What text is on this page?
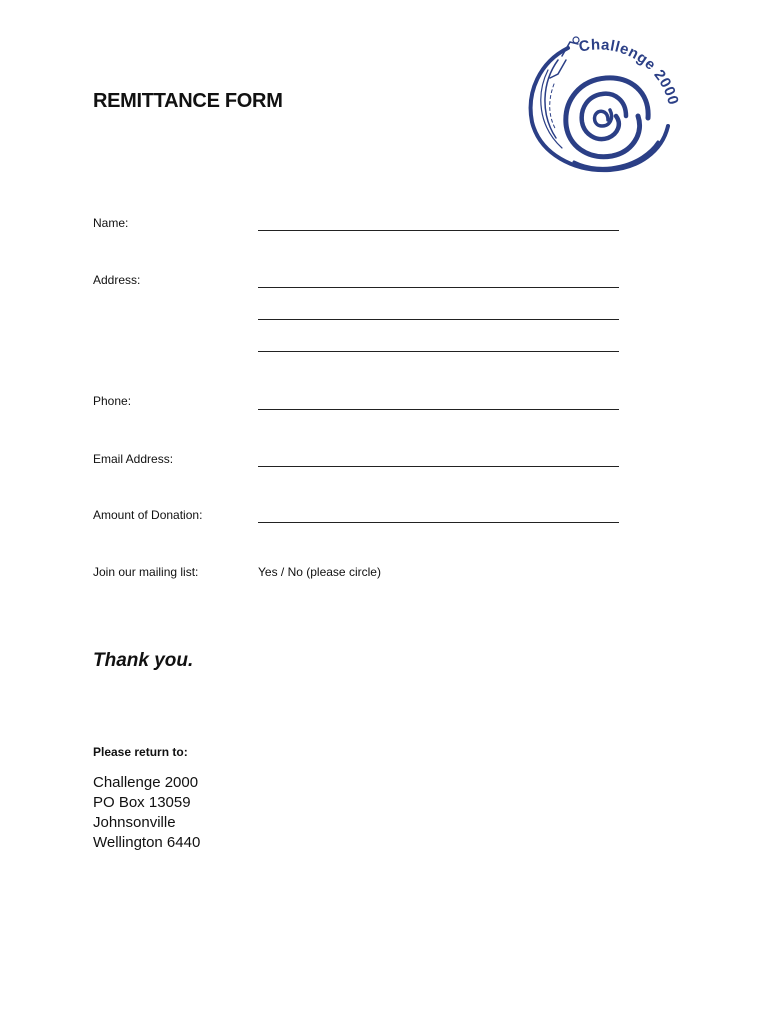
REMITTANCE FORM
Challenge 2000
Name:
Address:
Phone:
Email Address:
Amount of Donation:
Join our mailing list:	Yes / No (please circle)
Thank you.
Please return to:
Challenge 2000
PO Box 13059
Johnsonville
Wellington 6440
